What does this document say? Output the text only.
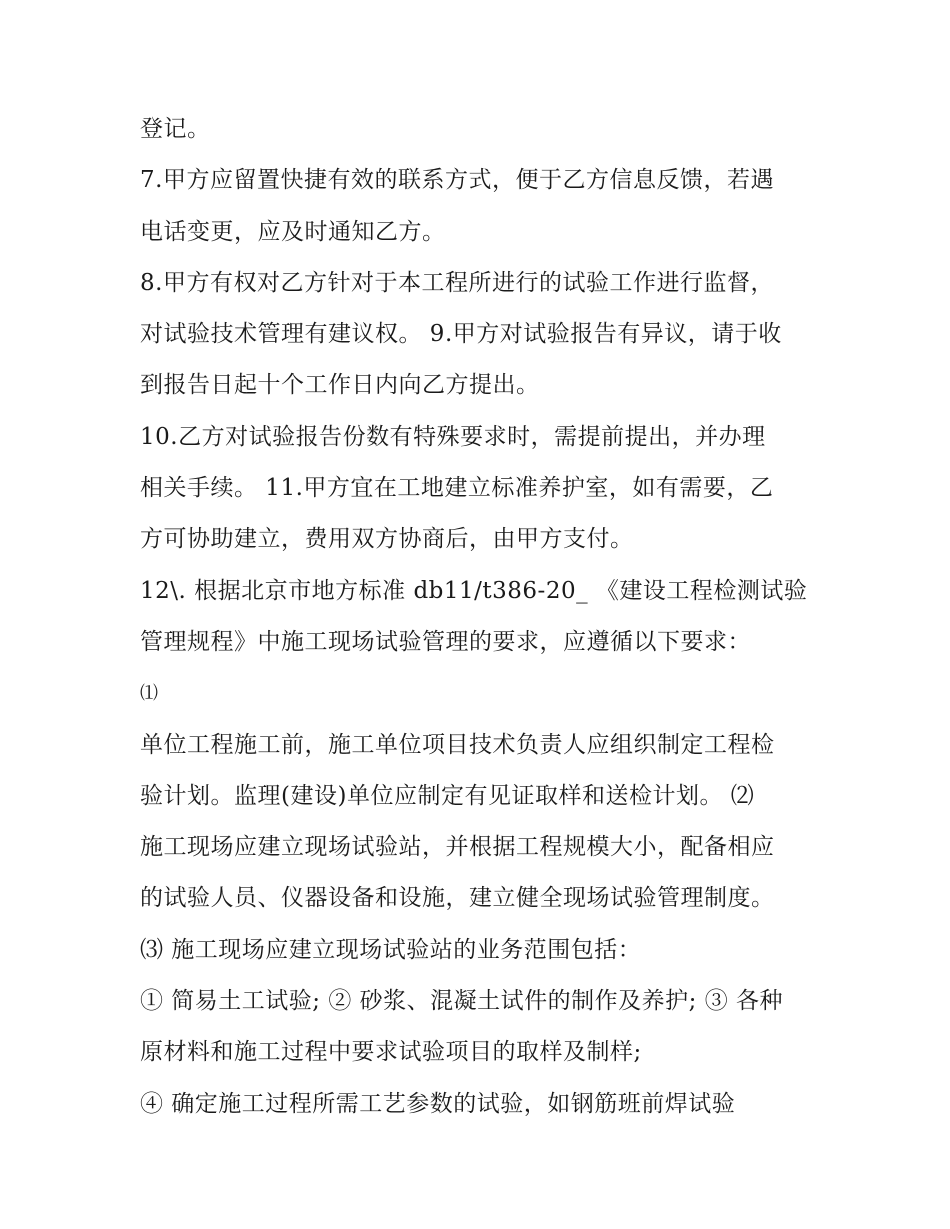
登记。
7.甲方应留置快捷有效的联系方式，便于乙方信息反馈，若遇
电话变更，应及时通知乙方。
8.甲方有权对乙方针对于本工程所进行的试验工作进行监督，
对试验技术管理有建议权。 9.甲方对试验报告有异议，请于收
到报告日起十个工作日内向乙方提出。
10.乙方对试验报告份数有特殊要求时，需提前提出，并办理
相关手续。 11.甲方宜在工地建立标准养护室，如有需要，乙
方可协助建立，费用双方协商后，由甲方支付。
12\. 根据北京市地方标准 db11/t386-20_ 《建设工程检测试验
管理规程》中施工现场试验管理的要求，应遵循以下要求：
⑴
单位工程施工前，施工单位项目技术负责人应组织制定工程检
验计划。监理(建设)单位应制定有见证取样和送检计划。 ⑵
施工现场应建立现场试验站，并根据工程规模大小，配备相应
的试验人员、仪器设备和设施，建立健全现场试验管理制度。
⑶ 施工现场应建立现场试验站的业务范围包括：
① 简易土工试验; ② 砂浆、混凝土试件的制作及养护; ③ 各种
原材料和施工过程中要求试验项目的取样及制样;
④ 确定施工过程所需工艺参数的试验，如钢筋班前焊试验
